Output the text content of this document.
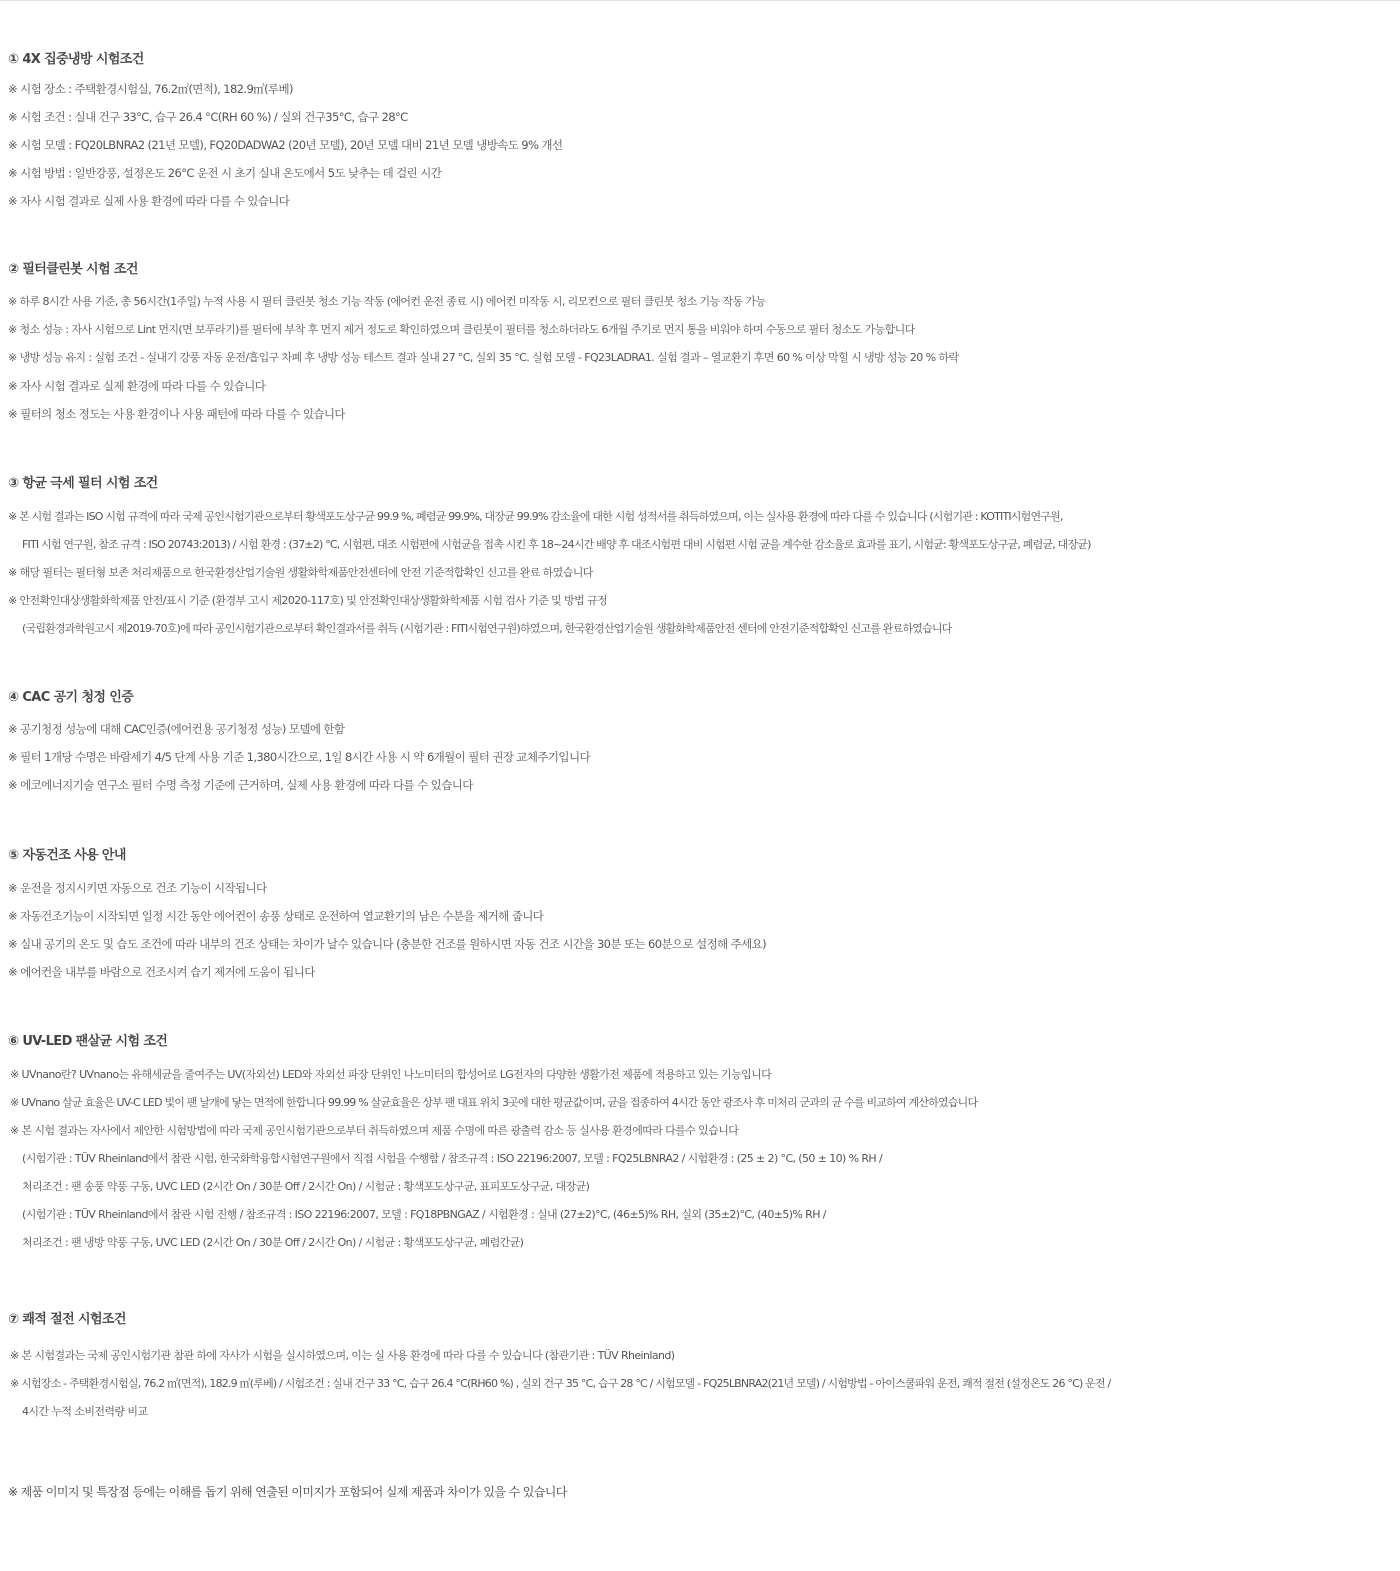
① 4X 집중냉방 시험조건
※ 시험 장소 : 주택환경시험실, 76.2㎡(면적), 182.9㎥(루베)
※ 시험 조건 : 실내 건구 33°C, 습구 26.4 °C(RH 60 %) / 실외 건구35°C, 습구 28°C
※ 시험 모델 : FQ20LBNRA2 (21년 모델), FQ20DADWA2 (20년 모델), 20년 모델 대비 21년 모델 냉방속도 9% 개선
※ 시험 방법 : 일반강풍, 설정온도 26°C 운전 시 초기 실내 온도에서 5도 낮추는 데 걸린 시간
※ 자사 시험 결과로 실제 사용 환경에 따라 다를 수 있습니다
② 필터클린봇 시험 조건
※ 하루 8시간 사용 기준, 총 56시간(1주일) 누적 사용 시 필터 클린봇 청소 기능 작동 (에어컨 운전 종료 시) 에어컨 미작동 시, 리모컨으로 필터 클린봇 청소 기능 작동 가능
※ 청소 성능 : 자사 시험으로 Lint 먼지(면 보푸라기)를 필터에 부착 후 먼지 제거 정도로 확인하였으며 클린봇이 필터를 청소하더라도 6개월 주기로 먼지 통을 비워야 하며 수동으로 필터 청소도 가능합니다
※ 냉방 성능 유지 : 실험 조건 - 실내기 강풍 자동 운전/흡입구 차폐 후 냉방 성능 테스트 결과 실내 27 °C, 실외 35 °C. 실험 모델 - FQ23LADRA1. 실험 결과 – 열교환기 후면 60 % 이상 막힐 시 냉방 성능 20 % 하락
※ 자사 시험 결과로 실제 환경에 따라 다를 수 있습니다
※ 필터의 청소 정도는 사용 환경이나 사용 패턴에 따라 다를 수 있습니다
③ 항균 극세 필터 시험 조건
※ 본 시험 결과는 ISO 시험 규격에 따라 국제 공인시험기관으로부터 황색포도상구균 99.9 %, 폐렴균 99.9%, 대장균 99.9% 감소율에 대한 시험 성적서를 취득하였으며, 이는 실사용 환경에 따라 다를 수 있습니다 (시험기관 : KOTITI시험연구원,
FITI 시험 연구원, 참조 규격 : ISO 20743:2013) / 시험 환경 : (37±2) °C, 시험편, 대조 시험편에 시험균을 접촉 시킨 후 18~24시간 배양 후 대조시험편 대비 시험편 시험 균을 계수한 감소율로 효과를 표기, 시험균: 황색포도상구균, 폐렴균, 대장균)
※ 해당 필터는 필터형 보존 처리제품으로 한국환경산업기술원 생활화학제품안전센터에 안전 기준적합확인 신고를 완료 하였습니다
※ 안전확인대상생활화학제품 안전/표시 기준 (환경부 고시 제2020-117호) 및 안전확인대상생활화학제품 시험 검사 기준 및 방법 규정
(국립환경과학원고시 제2019-70호)에 따라 공인시험기관으로부터 확인결과서를 취득 (시험기관 : FITI시험연구원)하였으며, 한국환경산업기술원 생활화학제품안전 센터에 안전기준적합확인 신고를 완료하였습니다
④ CAC 공기 청정 인증
※ 공기청정 성능에 대해 CAC인증(에어컨용 공기청정 성능) 모델에 한함
※ 필터 1개당 수명은 바람세기 4/5 단계 사용 기준 1,380시간으로, 1일 8시간 사용 시 약 6개월이 필터 권장 교체주기입니다
※ 에코에너지기술 연구소 필터 수명 측정 기준에 근거하며, 실제 사용 환경에 따라 다를 수 있습니다
⑤ 자동건조 사용 안내
※ 운전을 정지시키면 자동으로 건조 기능이 시작됩니다
※ 자동건조기능이 시작되면 일정 시간 동안 에어컨이 송풍 상태로 운전하여 열교환기의 남은 수분을 제거해 줍니다
※ 실내 공기의 온도 및 습도 조건에 따라 내부의 건조 상태는 차이가 날수 있습니다 (충분한 건조를 원하시면 자동 건조 시간을 30분 또는 60분으로 설정해 주세요)
※ 에어컨을 내부를 바람으로 건조시켜 습기 제거에 도움이 됩니다
⑥ UV-LED 팬살균 시험 조건
※ UVnano란? UVnano는 유해세균을 줄여주는 UV(자외선) LED와 자외선 파장 단위인 나노미터의 합성어로 LG전자의 다양한 생활가전 제품에 적용하고 있는 기능입니다
※ UVnano 살균 효율은 UV-C LED 빛이 팬 날개에 닿는 면적에 한합니다 99.99 % 살균효율은 상부 팬 대표 위치 3곳에 대한 평균값이며, 균을 접종하여 4시간 동안 광조사 후 미처리 군과의 균 수를 비교하여 계산하였습니다
※ 본 시험 결과는 자사에서 제안한 시험방법에 따라 국제 공인시험기관으로부터 취득하였으며 제품 수명에 따른 광출력 감소 등 실사용 환경에따라 다를수 있습니다
(시험기관 : TÜV Rheinland에서 참관 시험, 한국화학융합시험연구원에서 직접 시험을 수행함 / 참조규격 : ISO 22196:2007, 모델 : FQ25LBNRA2 / 시험환경 : (25 ± 2) °C, (50 ± 10) % RH /
처리조건 : 팬 송풍 약풍 구동, UVC LED (2시간 On / 30분 Off / 2시간 On) / 시험균 : 황색포도상구균, 표피포도상구균, 대장균)
(시험기관 : TÜV Rheinland에서 참관 시험 진행 / 참조규격 : ISO 22196:2007, 모델 : FQ18PBNGAZ / 시험환경 : 실내 (27±2)°C, (46±5)% RH, 실외 (35±2)°C, (40±5)% RH /
처리조건 : 팬 냉방 약풍 구동, UVC LED (2시간 On / 30분 Off / 2시간 On) / 시험균 : 황색포도상구균, 폐렴간균)
⑦ 쾌적 절전 시험조건
※ 본 시험결과는 국제 공인시험기관 참관 하에 자사가 시험을 실시하였으며, 이는 실 사용 환경에 따라 다를 수 있습니다 (참관기관 : TÜV Rheinland)
※ 시험장소 - 주택환경시험실, 76.2 ㎡(면적), 182.9 ㎥(루베) / 시험조건 : 실내 건구 33 °C, 습구 26.4 °C(RH60 %) , 실외 건구 35 °C, 습구 28 °C / 시험모델 - FQ25LBNRA2(21년 모델) / 시험방법 - 아이스쿨파워 운전, 쾌적 절전 (설정온도 26 °C) 운전 /
4시간 누적 소비전력량 비교
※ 제품 이미지 및 특장점 등에는 이해를 돕기 위해 연출된 이미지가 포함되어 실제 제품과 차이가 있을 수 있습니다
